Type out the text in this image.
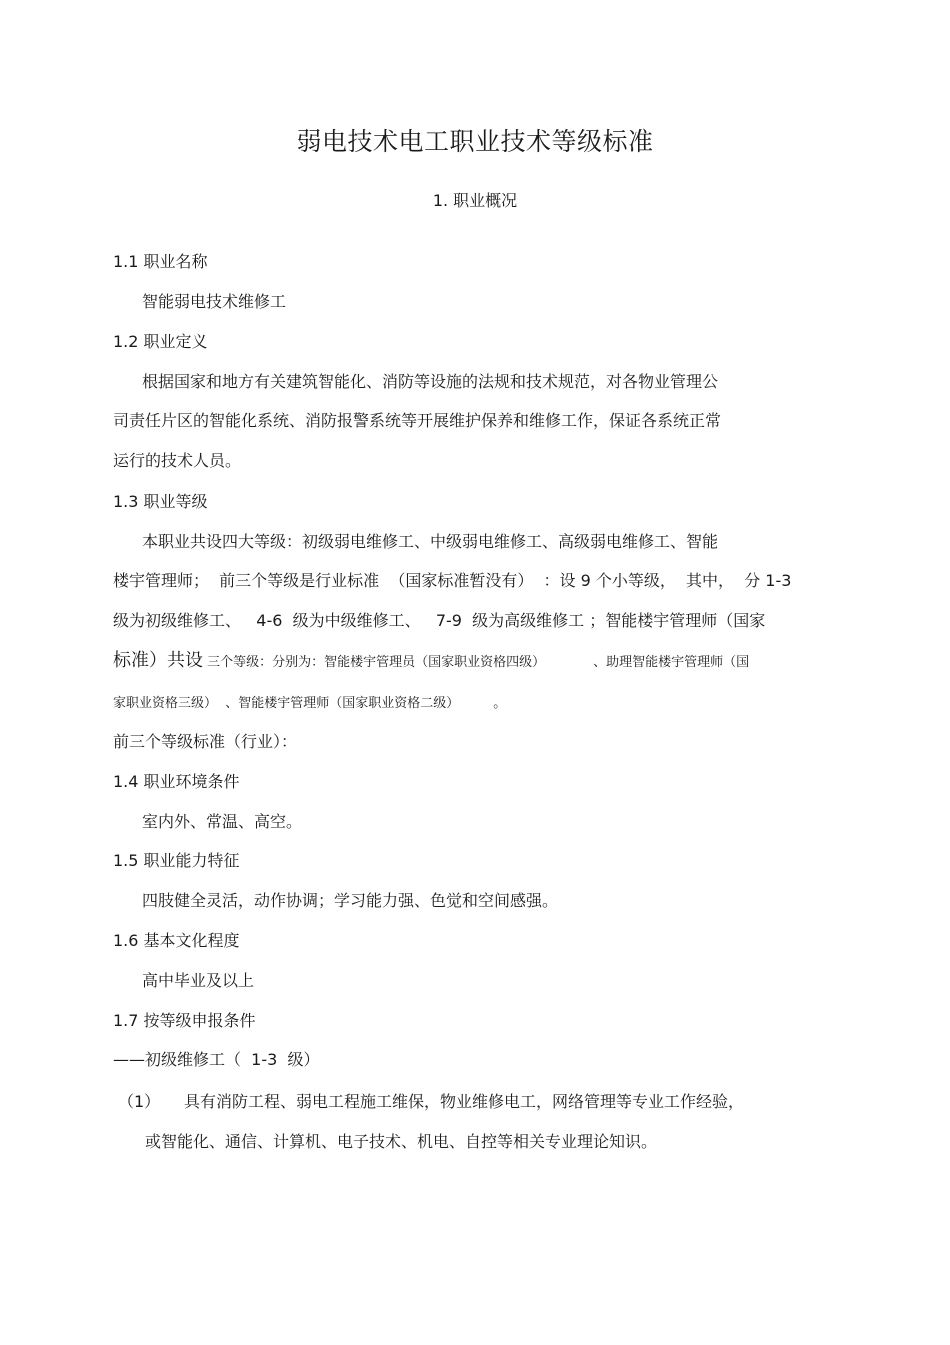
弱电技术电工职业技术等级标准
1. 职业概况
1.1 职业名称
智能弱电技术维修工
1.2 职业定义
根据国家和地方有关建筑智能化、消防等设施的法规和技术规范，对各物业管理公
司责任片区的智能化系统、消防报警系统等开展维护保养和维修工作，保证各系统正常
运行的技术人员。
1.3 职业等级
本职业共设四大等级：初级弱电维修工、中级弱电维修工、高级弱电维修工、智能
楼宇管理师；  前三个等级是行业标准  （国家标准暂没有）  ：设 9 个小等级，  其中，  分 1-3
级为初级维修工、   4-6  级为中级维修工、   7-9  级为高级维修工 ；智能楼宇管理师（国家
标准）共设 三个等级：分别为：智能楼宇管理员（国家职业资格四级）	、助理智能楼宇管理师（国
家职业资格三级）  、智能楼宇管理师（国家职业资格二级）	。
前三个等级标准（行业）：
1.4 职业环境条件
室内外、常温、高空。
1.5 职业能力特征
四肢健全灵活，动作协调；学习能力强、色觉和空间感强。
1.6 基本文化程度
高中毕业及以上
1.7 按等级申报条件
——初级维修工（  1-3  级）
（1） 具有消防工程、弱电工程施工维保，物业维修电工，网络管理等专业工作经验，
或智能化、通信、计算机、电子技术、机电、自控等相关专业理论知识。
